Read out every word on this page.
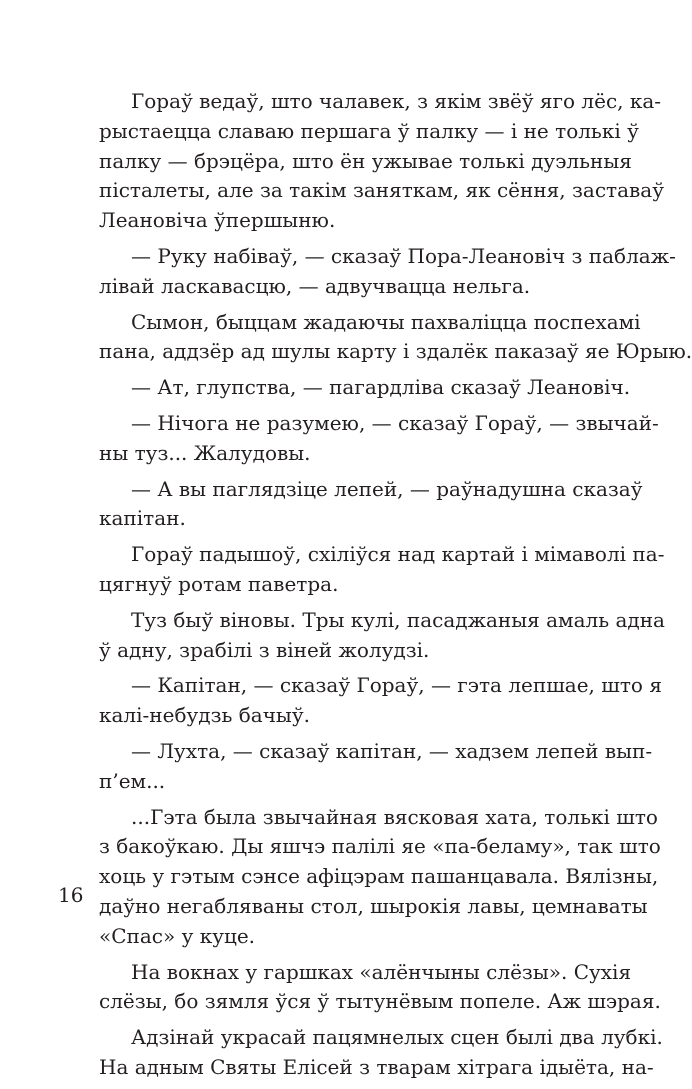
Гораў ведаў, што чалавек, з якім звёў яго лёс, ка-
рыстаецца славаю першага ў палку — і не толькі ў
палку — брэцёра, што ён ужывае толькі дуэльныя
пісталеты, але за такім заняткам, як сёння, заставаў
Леановіча ўпершыню.
— Руку набіваў, — сказаў Пора-Леановіч з паблаж-
лівай ласкавасцю, — адвучвацца нельга.
Сымон, быццам жадаючы пахваліцца поспехамі
пана, аддзёр ад шулы карту і здалёк паказаў яе Юрыю.
— Ат, глупства, — пагардліва сказаў Леановіч.
— Нічога не разумею, — сказаў Гораў, — звычай-
ны туз... Жалудовы.
— А вы паглядзіце лепей, — раўнадушна сказаў
капітан.
Гораў падышоў, схіліўся над картай і мімаволі па-
цягнуў ротам паветра.
Туз быў віновы. Тры кулі, пасаджаныя амаль адна
ў адну, зрабілі з віней жолудзі.
— Капітан, — сказаў Гораў, — гэта лепшае, што я
калі-небудзь бачыў.
— Лухта, — сказаў капітан, — хадзем лепей вып-
п’ем...
...Гэта была звычайная вясковая хата, толькі што
з бакоўкаю. Ды яшчэ палілі яе «па-беламу», так што
хоць у гэтым сэнсе афіцэрам пашанцавала. Вялізны,
даўно негабляваны стол, шырокія лавы, цемнаваты
«Спас» у куце.
На вокнах у гаршках «алёнчыны слёзы». Сухія
слёзы, бо зямля ўся ў тытунёвым попеле. Аж шэрая.
Адзінай украсай пацямнелых сцен былі два лубкі.
На адным Святы Елісей з тварам хітрага ідыёта, на-
16
